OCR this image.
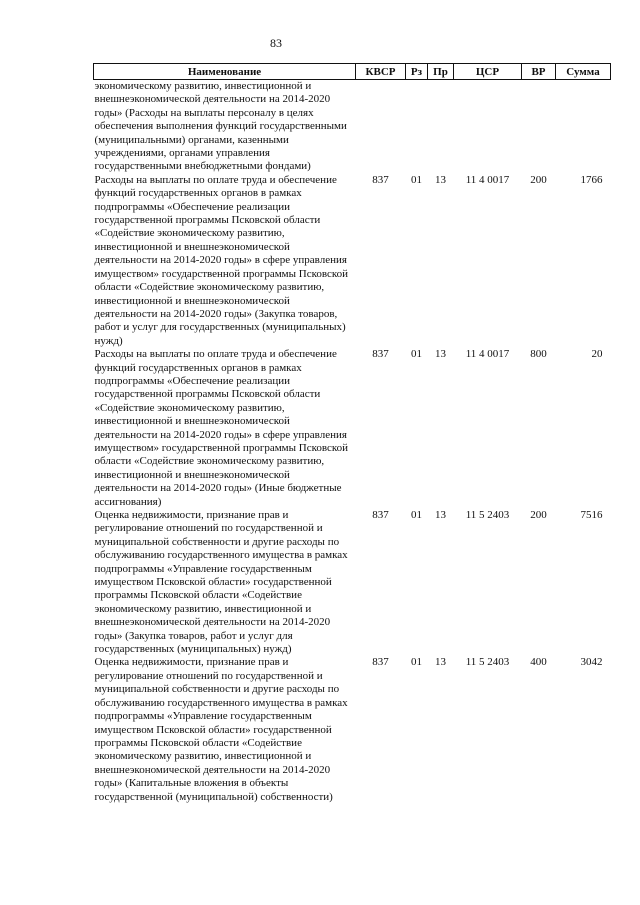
83
Наименование	КВСР	Рз	Пр	ЦСР	ВР	Сумма
экономическому развитию, инвестиционной и внешнеэкономической деятельности на 2014-2020 годы» (Расходы на выплаты персоналу в целях обеспечения выполнения функций государственными (муниципальными) органами, казенными учреждениями, органами управления государственными внебюджетными фондами)						
Расходы на выплаты по оплате труда и обеспечение функций государственных органов в рамках подпрограммы «Обеспечение реализации государственной программы Псковской области «Содействие экономическому развитию, инвестиционной и внешнеэкономической деятельности на 2014-2020 годы» в сфере управления имуществом» государственной программы Псковской области «Содействие экономическому развитию, инвестиционной и внешнеэкономической деятельности на 2014-2020 годы» (Закупка товаров, работ и услуг для государственных (муниципальных) нужд)	837	01	13	11 4 0017	200	1766
Расходы на выплаты по оплате труда и обеспечение функций государственных органов в рамках подпрограммы «Обеспечение реализации государственной программы Псковской области «Содействие экономическому развитию, инвестиционной и внешнеэкономической деятельности на 2014-2020 годы» в сфере управления имуществом» государственной программы Псковской области «Содействие экономическому развитию, инвестиционной и внешнеэкономической деятельности на 2014-2020 годы» (Иные бюджетные ассигнования)	837	01	13	11 4 0017	800	20
Оценка недвижимости, признание прав и регулирование отношений по государственной и муниципальной собственности и другие расходы по обслуживанию государственного имущества в рамках подпрограммы «Управление государственным имуществом Псковской области» государственной программы Псковской области «Содействие экономическому развитию, инвестиционной и внешнеэкономической деятельности на 2014-2020 годы» (Закупка товаров, работ и услуг для государственных (муниципальных) нужд)	837	01	13	11 5 2403	200	7516
Оценка недвижимости, признание прав и регулирование отношений по государственной и муниципальной собственности и другие расходы по обслуживанию государственного имущества в рамках подпрограммы «Управление государственным имуществом Псковской области» государственной программы Псковской области «Содействие экономическому развитию, инвестиционной и внешнеэкономической деятельности на 2014-2020 годы» (Капитальные вложения в объекты государственной (муниципальной) собственности)	837	01	13	11 5 2403	400	3042
